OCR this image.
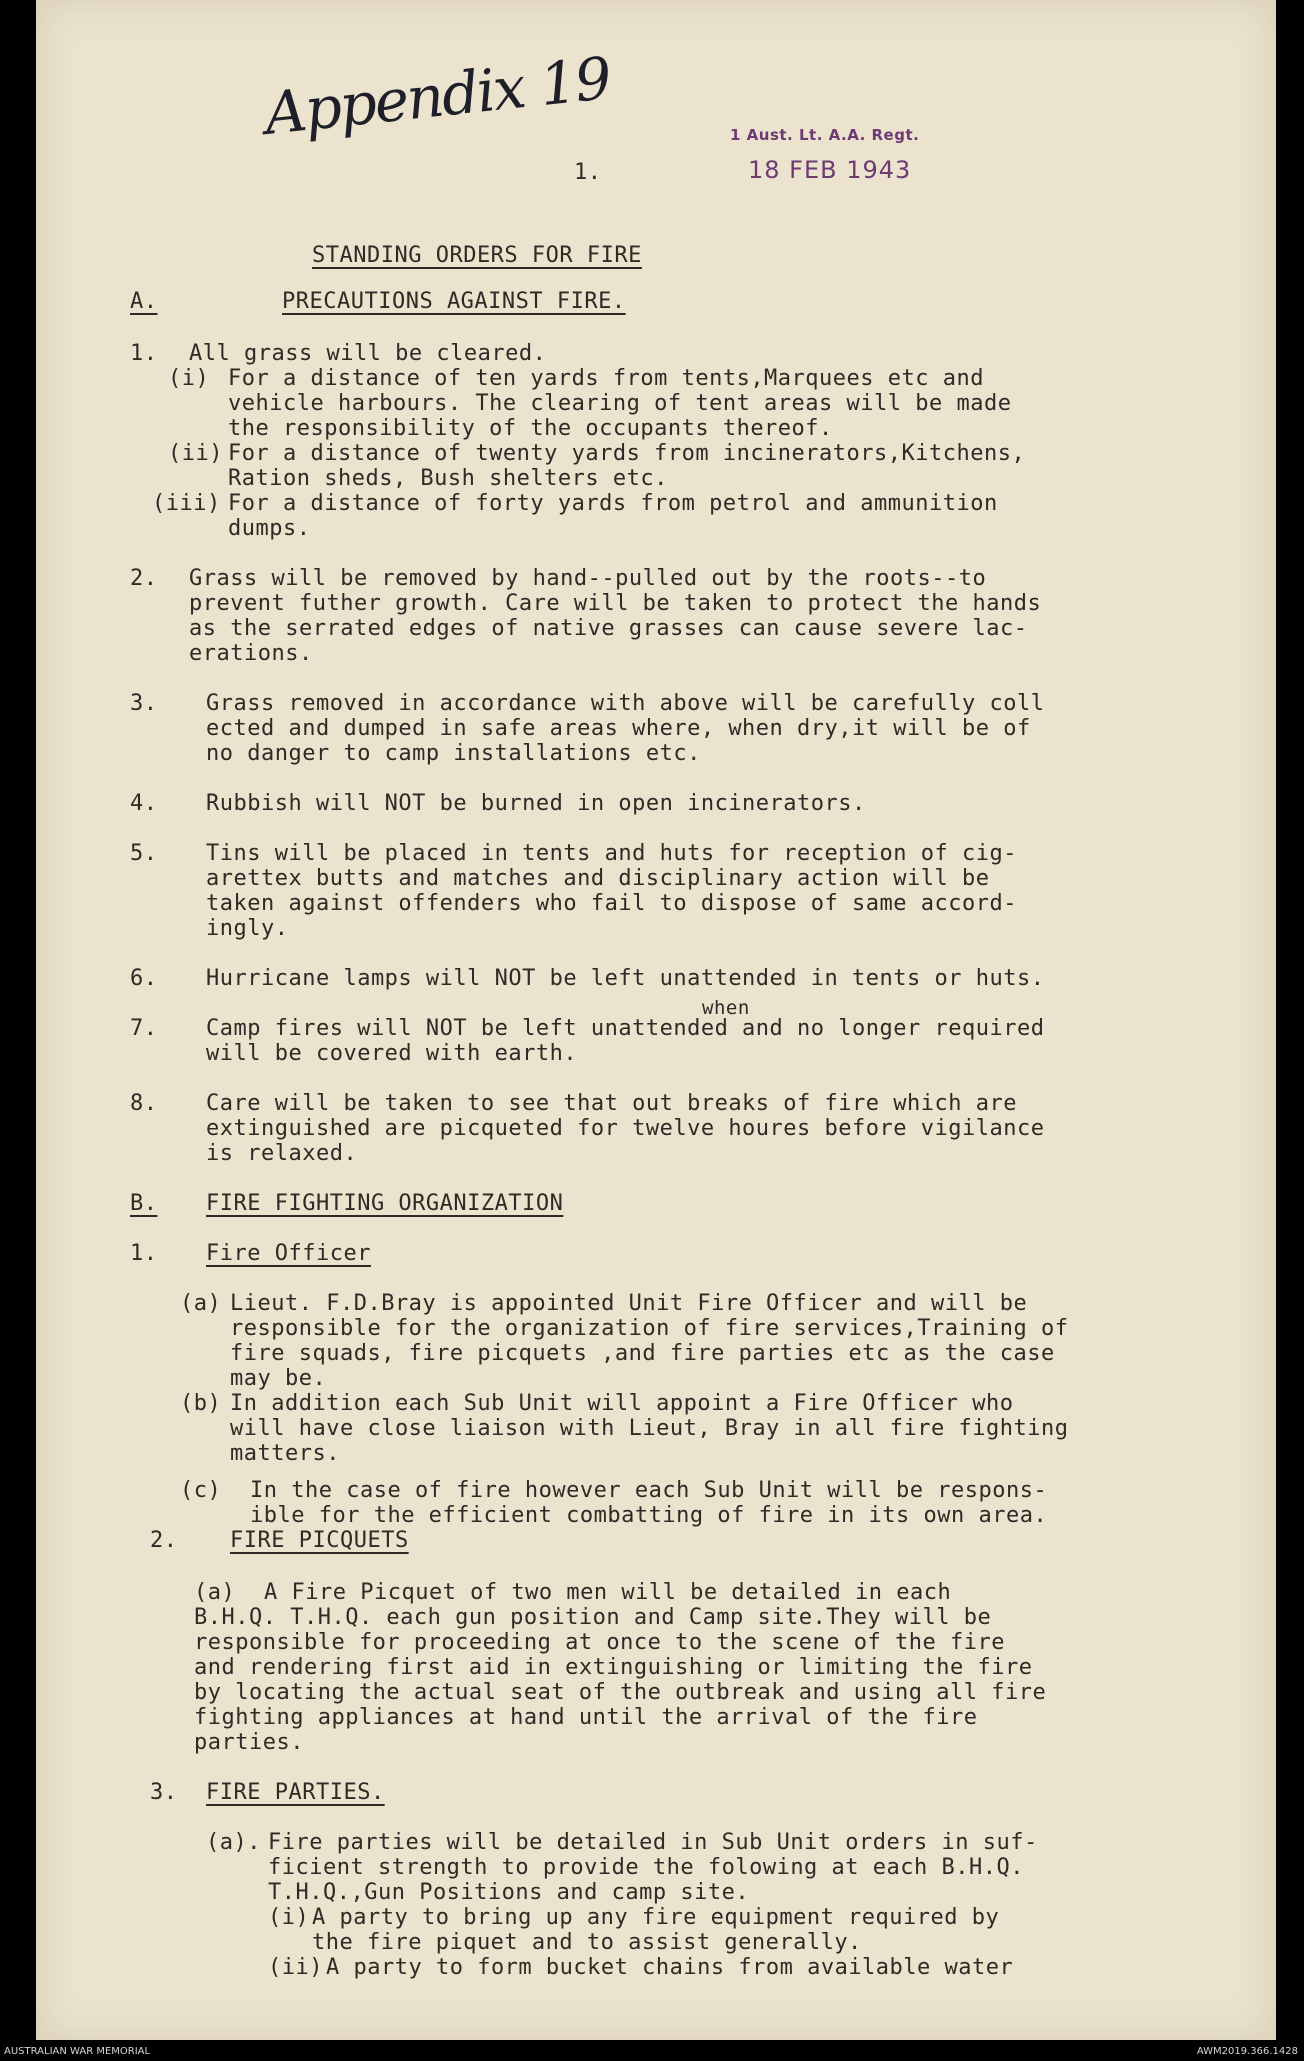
Appendix 19
1.
1 Aust. Lt. A.A. Regt.
18 FEB 1943
STANDING ORDERS FOR FIRE
A.	PRECAUTIONS AGAINST FIRE.
1. All grass will be cleared.
(i) For a distance of ten yards from tents,Marquees etc and
vehicle harbours. The clearing of tent areas will be made
the responsibility of the occupants thereof.
(ii) For a distance of twenty yards from incinerators,Kitchens,
Ration sheds, Bush shelters etc.
(iii) For a distance of forty yards from petrol and ammunition
dumps.
2. Grass will be removed by hand--pulled out by the roots--to
prevent futher growth. Care will be taken to protect the hands
as the serrated edges of native grasses can cause severe lac-
erations.
3. Grass removed in accordance with above will be carefully coll
ected and dumped in safe areas where, when dry,it will be of
no danger to camp installations etc.
4. Rubbish will NOT be burned in open incinerators.
5. Tins will be placed in tents and huts for reception of cig-
arettex butts and matches and disciplinary action will be
taken against offenders who fail to dispose of same accord-
ingly.
6. Hurricane lamps will NOT be left unattended in tents or huts.
when
7. Camp fires will NOT be left unattended and no longer required
will be covered with earth.
8. Care will be taken to see that out breaks of fire which are
extinguished are picqueted for twelve houres before vigilance
is relaxed.
B. FIRE FIGHTING ORGANIZATION
1. Fire Officer
(a) Lieut. F.D.Bray is appointed Unit Fire Officer and will be
responsible for the organization of fire services,Training of
fire squads, fire picquets ,and fire parties etc as the case
may be.
(b) In addition each Sub Unit will appoint a Fire Officer who
will have close liaison with Lieut, Bray in all fire fighting
matters.
(c) In the case of fire however each Sub Unit will be respons-
ible for the efficient combatting of fire in its own area.
2. FIRE PICQUETS
(a) A Fire Picquet of two men will be detailed in each
B.H.Q. T.H.Q. each gun position and Camp site.They will be
responsible for proceeding at once to the scene of the fire
and rendering first aid in extinguishing or limiting the fire
by locating the actual seat of the outbreak and using all fire
fighting appliances at hand until the arrival of the fire
parties.
3. FIRE PARTIES.
(a). Fire parties will be detailed in Sub Unit orders in suf-
ficient strength to provide the folowing at each B.H.Q.
T.H.Q.,Gun Positions and camp site.
(i) A party to bring up any fire equipment required by
the fire piquet and to assist generally.
(ii) A party to form bucket chains from available water
AUSTRALIAN WAR MEMORIAL	AWM2019.366.1428
